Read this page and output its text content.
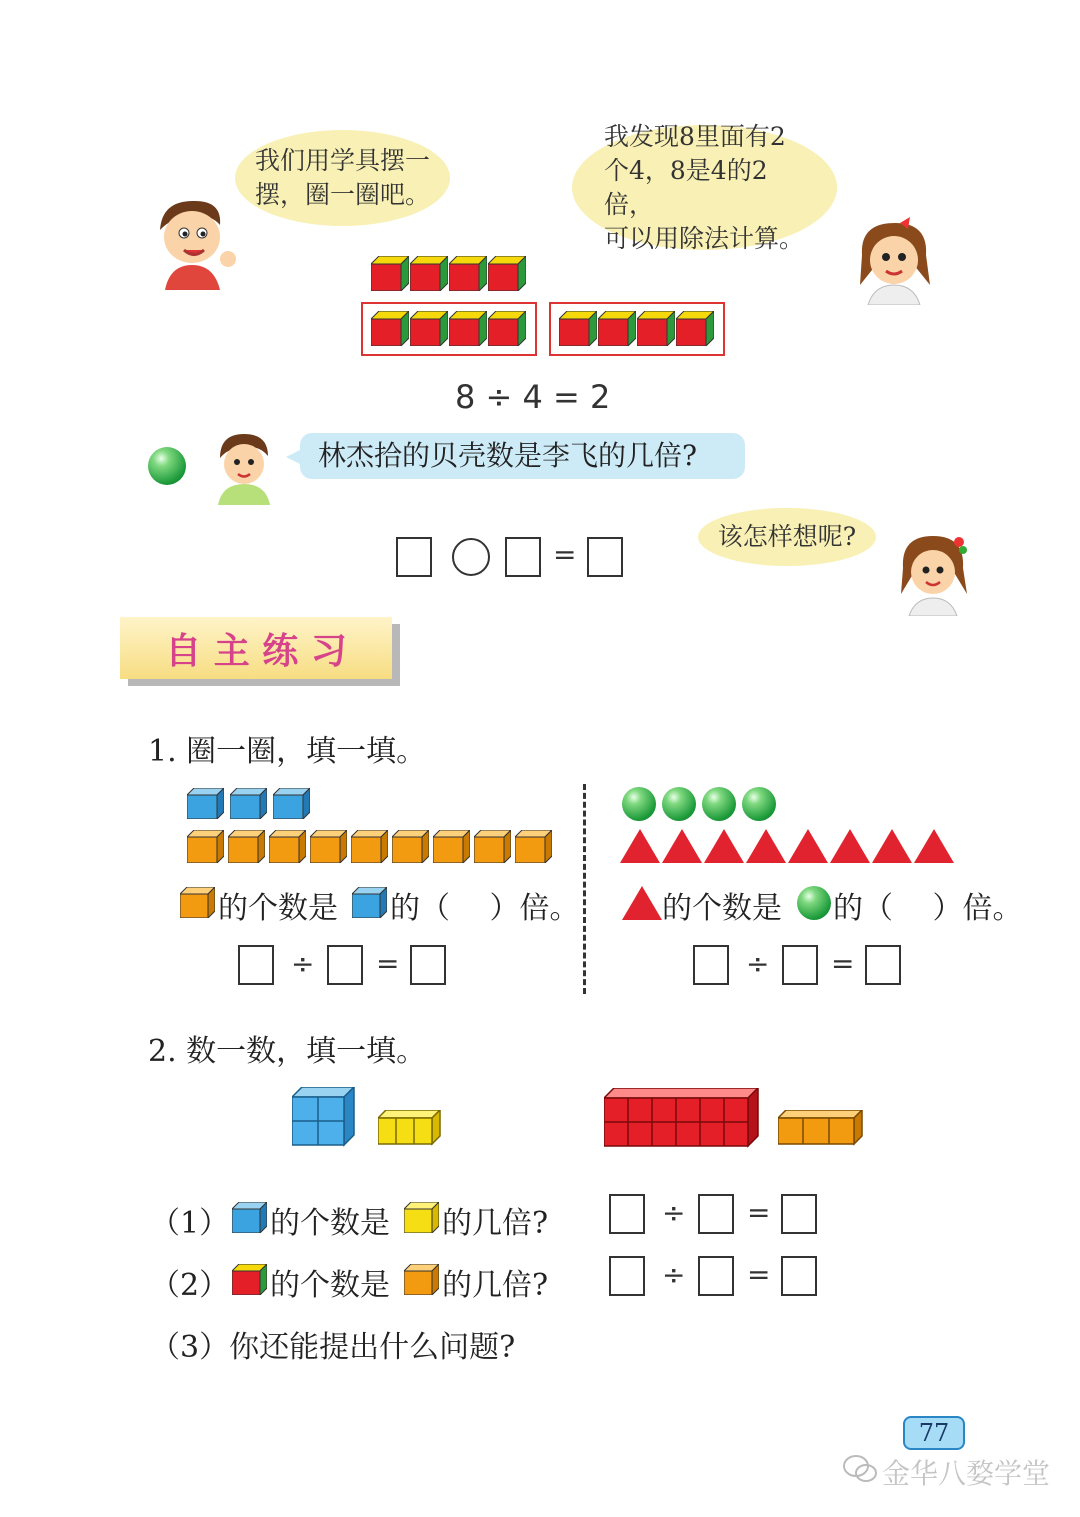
我们用学具摆一
摆，圈一圈吧。
我发现8里面有2
个4，8是4的2倍，
可以用除法计算。
8 ÷ 4 = 2
林杰拾的贝壳数是李飞的几倍?
=
该怎样想呢?
自 主 练 习
1. 圈一圈，填一填。
的个数是 的（　 ）倍。	的个数是 的（　 ）倍。
÷ =	÷ =
2. 数一数，填一填。
（1） 的个数是 的几倍?	÷ =
（2） 的个数是 的几倍?	÷ =
（3）你还能提出什么问题?
77
金华八婺学堂
